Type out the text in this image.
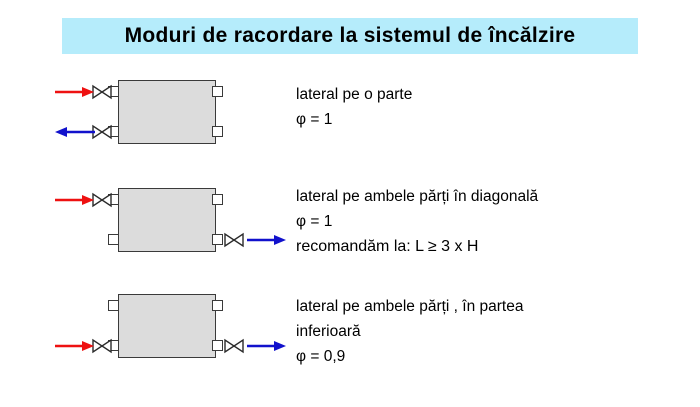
Moduri de racordare la sistemul de încălzire
lateral pe o parte
φ = 1
lateral pe ambele părți în diagonală
φ = 1
recomandăm la: L ≥ 3 x H
lateral pe ambele părți , în partea
inferioară
φ = 0,9
